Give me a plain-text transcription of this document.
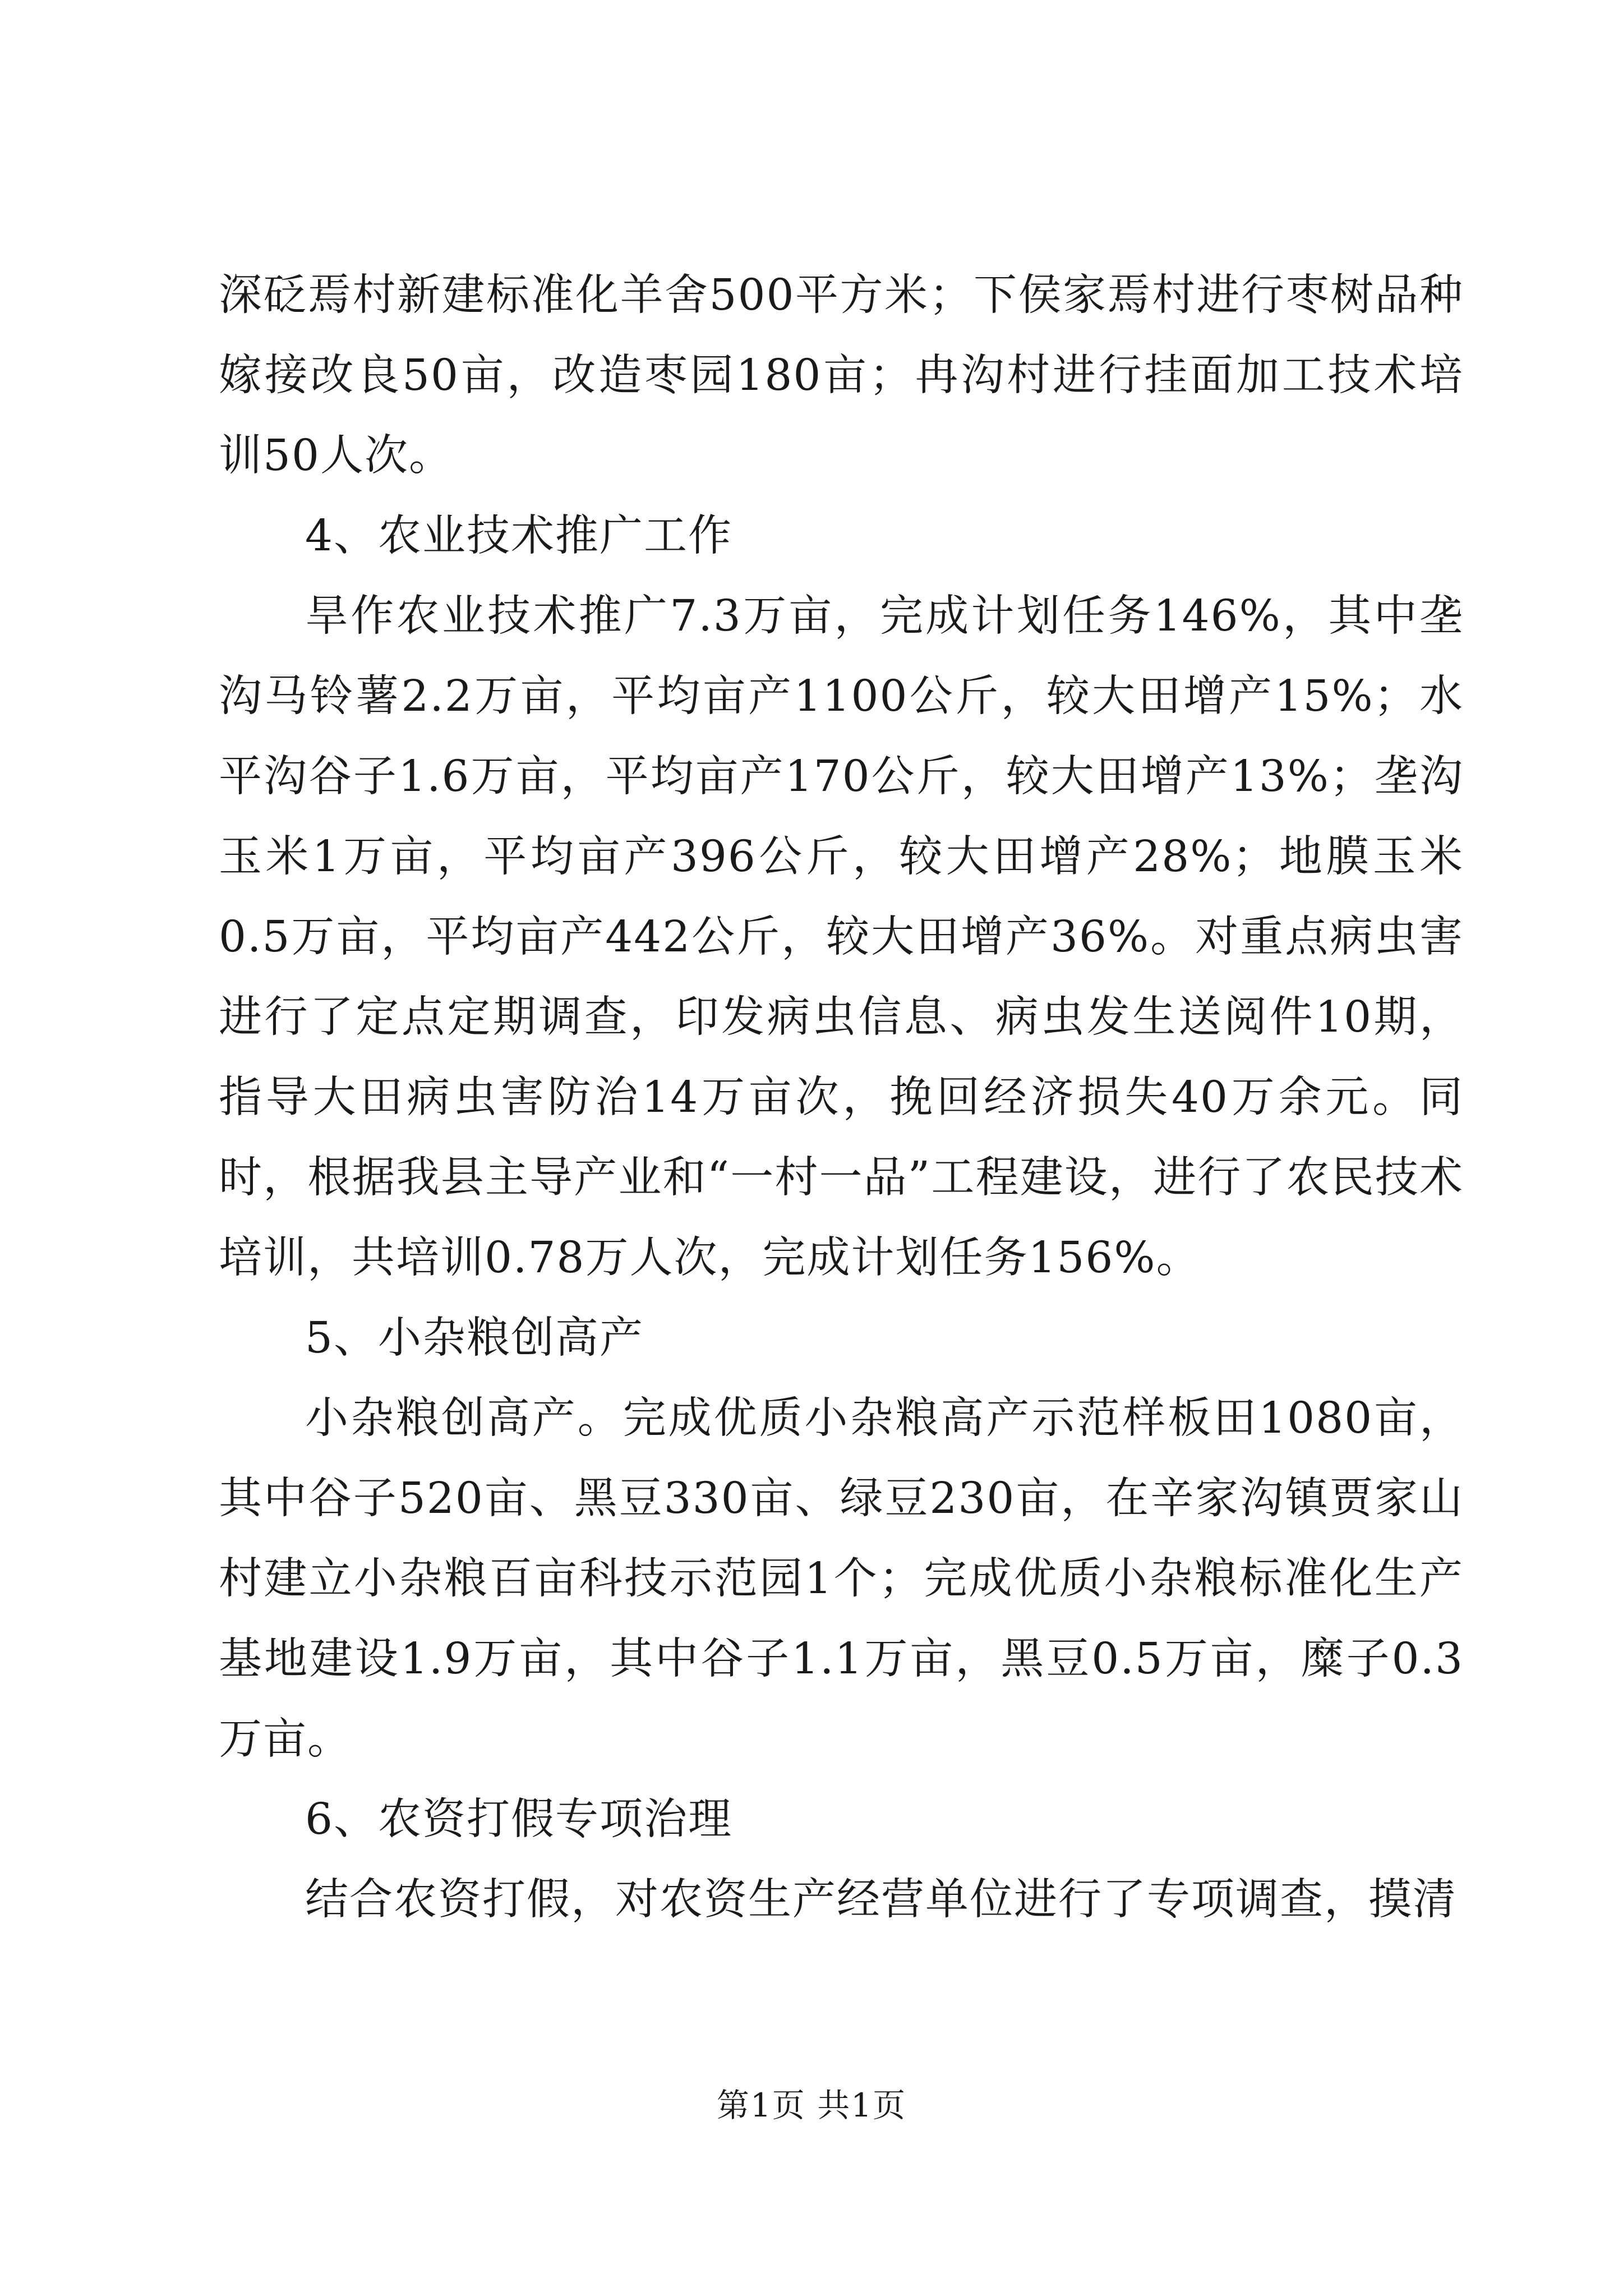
深砭焉村新建标准化羊舍500平方米；下侯家焉村进行枣树品种嫁接改良50亩，改造枣园180亩；冉沟村进行挂面加工技术培训50人次。

4、农业技术推广工作

旱作农业技术推广7.3万亩，完成计划任务146%，其中垄沟马铃薯2.2万亩，平均亩产1100公斤，较大田增产15%；水平沟谷子1.6万亩，平均亩产170公斤，较大田增产13%；垄沟玉米1万亩，平均亩产396公斤，较大田增产28%；地膜玉米0.5万亩，平均亩产442公斤，较大田增产36%。对重点病虫害进行了定点定期调查，印发病虫信息、病虫发生送阅件10期，指导大田病虫害防治14万亩次，挽回经济损失40万余元。同时，根据我县主导产业和“一村一品”工程建设，进行了农民技术培训，共培训0.78万人次，完成计划任务156%。

5、小杂粮创高产

小杂粮创高产。完成优质小杂粮高产示范样板田1080亩，其中谷子520亩、黑豆330亩、绿豆230亩，在辛家沟镇贾家山村建立小杂粮百亩科技示范园1个；完成优质小杂粮标准化生产基地建设1.9万亩，其中谷子1.1万亩，黑豆0.5万亩，糜子0.3万亩。

6、农资打假专项治理

结合农资打假，对农资生产经营单位进行了专项调查，摸清

第1页 共1页
